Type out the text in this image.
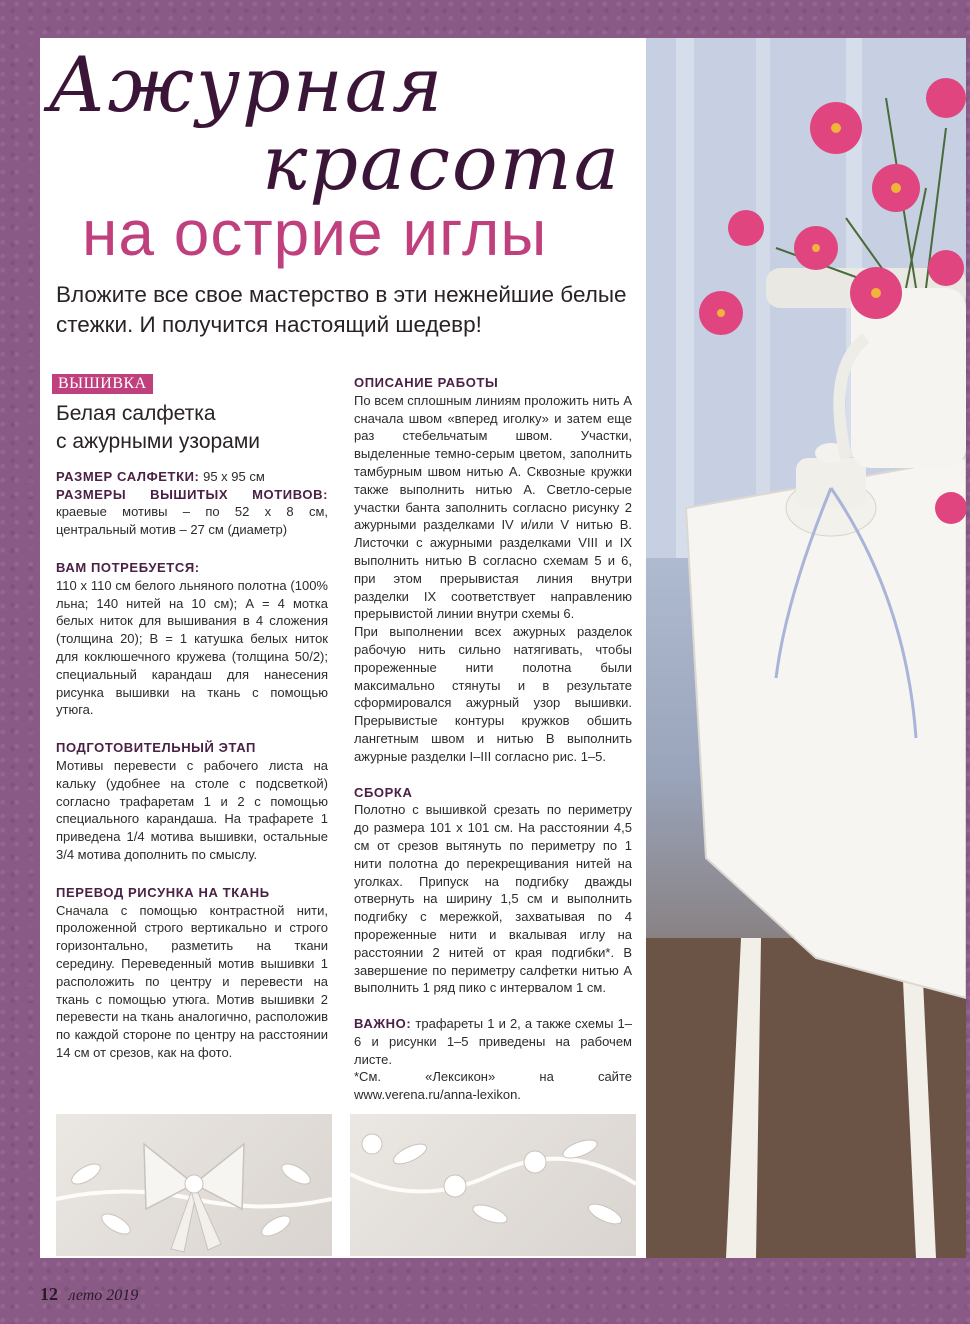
Ажурная
красота
на острие иглы

Вложите все свое мастерство в эти нежнейшие белые стежки. И получится настоящий шедевр!

ВЫШИВКА
Белая салфетка
с ажурными узорами

РАЗМЕР САЛФЕТКИ: 95 х 95 см

РАЗМЕРЫ ВЫШИТЫХ МОТИВОВ: краевые мотивы – по 52 х 8 см, центральный мотив – 27 см (диаметр)

ВАМ ПОТРЕБУЕТСЯ:

110 х 110 см белого льняного полотна (100% льна; 140 нитей на 10 см); А = 4 мотка белых ниток для вышивания в 4 сложения (толщина 20); В = 1 катушка белых ниток для коклюшечного кружева (толщина 50/2); специальный карандаш для нанесения рисунка вышивки на ткань с помощью утюга.

ПОДГОТОВИТЕЛЬНЫЙ ЭТАП

Мотивы перевести с рабочего листа на кальку (удобнее на столе с подсветкой) согласно трафаретам 1 и 2 с помощью специального карандаша. На трафарете 1 приведена 1/4 мотива вышивки, остальные 3/4 мотива дополнить по смыслу.

ПЕРЕВОД РИСУНКА НА ТКАНЬ

Сначала с помощью контрастной нити, проложенной строго вертикально и строго горизонтально, разметить на ткани середину. Переведенный мотив вышивки 1 расположить по центру и перевести на ткань с помощью утюга. Мотив вышивки 2 перевести на ткань аналогично, расположив по каждой стороне по центру на расстоянии 14 см от срезов, как на фото.

ОПИСАНИЕ РАБОТЫ

По всем сплошным линиям проложить нить А сначала швом «вперед иголку» и затем еще раз стебельчатым швом. Участки, выделенные темно-серым цветом, заполнить тамбурным швом нитью А. Сквозные кружки также выполнить нитью А. Светло-серые участки банта заполнить согласно рисунку 2 ажурными разделками IV и/или V нитью В. Листочки с ажурными разделками VIII и IX выполнить нитью В согласно схемам 5 и 6, при этом прерывистая линия внутри разделки IX соответствует направлению прерывистой линии внутри схемы 6.

При выполнении всех ажурных разделок рабочую нить сильно натягивать, чтобы прореженные нити полотна были максимально стянуты и в результате сформировался ажурный узор вышивки. Прерывистые контуры кружков обшить лангетным швом и нитью В выполнить ажурные разделки I–III согласно рис. 1–5.

СБОРКА

Полотно с вышивкой срезать по периметру до размера 101 х 101 см. На расстоянии 4,5 см от срезов вытянуть по периметру по 1 нити полотна до перекрещивания нитей на уголках. Припуск на подгибку дважды отвернуть на ширину 1,5 см и выполнить подгибку с мережкой, захватывая по 4 прореженные нити и вкалывая иглу на расстоянии 2 нитей от края подгибки*. В завершение по периметру салфетки нитью А выполнить 1 ряд пико с интервалом 1 см.

ВАЖНО: трафареты 1 и 2, а также схемы 1–6 и рисунки 1–5 приведены на рабочем листе.

*См. «Лексикон» на сайте www.verena.ru/anna-lexikon.

12 лето 2019
